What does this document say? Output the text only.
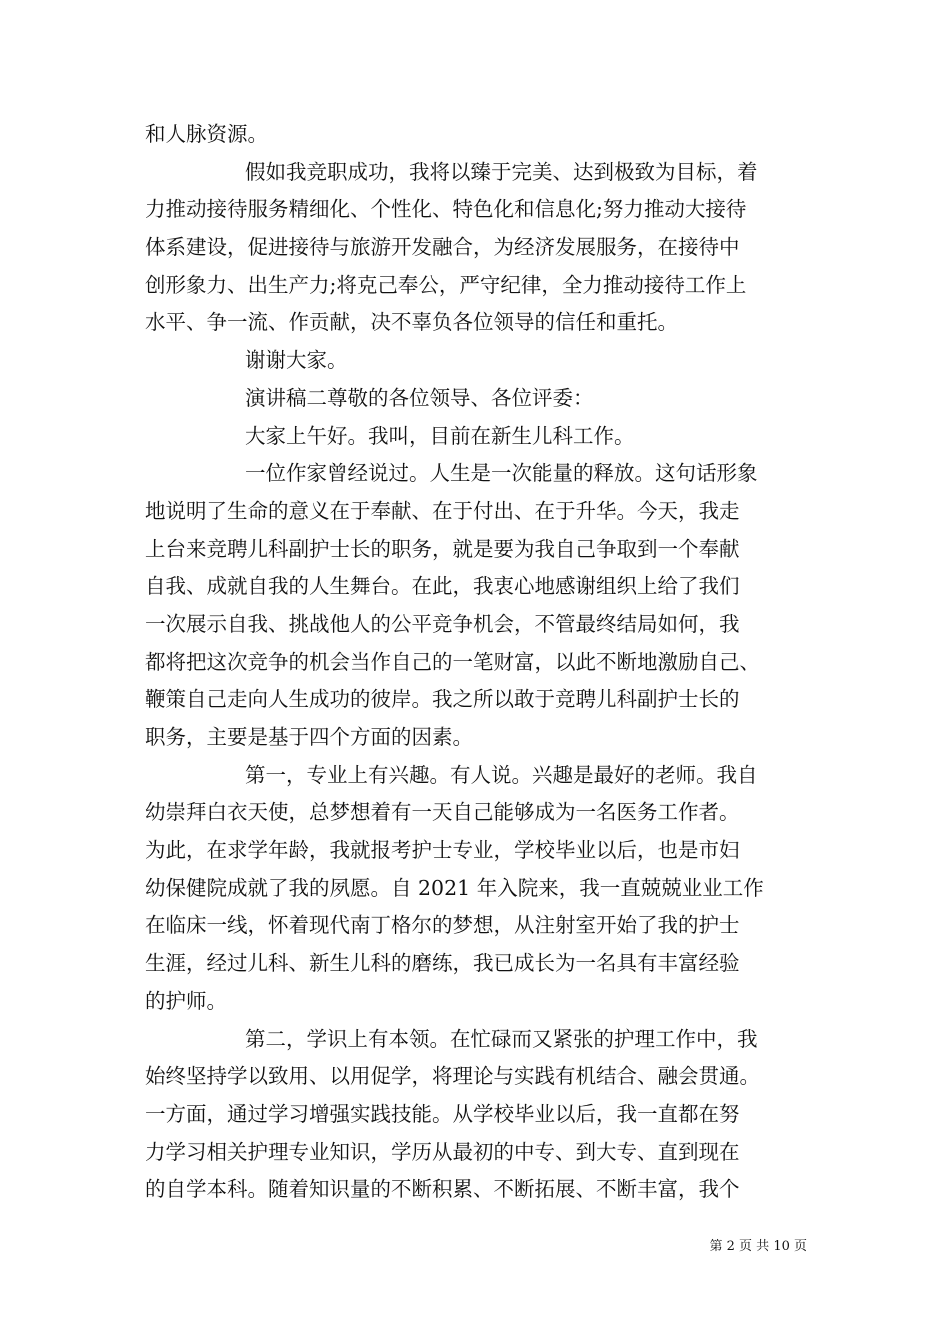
和人脉资源。
假如我竞职成功，我将以臻于完美、达到极致为目标，着
力推动接待服务精细化、个性化、特色化和信息化;努力推动大接待
体系建设，促进接待与旅游开发融合，为经济发展服务，在接待中
创形象力、出生产力;将克己奉公，严守纪律，全力推动接待工作上
水平、争一流、作贡献，决不辜负各位领导的信任和重托。
谢谢大家。
演讲稿二尊敬的各位领导、各位评委：
大家上午好。我叫，目前在新生儿科工作。
一位作家曾经说过。人生是一次能量的释放。这句话形象
地说明了生命的意义在于奉献、在于付出、在于升华。今天，我走
上台来竞聘儿科副护士长的职务，就是要为我自己争取到一个奉献
自我、成就自我的人生舞台。在此，我衷心地感谢组织上给了我们
一次展示自我、挑战他人的公平竞争机会，不管最终结局如何，我
都将把这次竞争的机会当作自己的一笔财富，以此不断地激励自己、
鞭策自己走向人生成功的彼岸。我之所以敢于竞聘儿科副护士长的
职务，主要是基于四个方面的因素。
第一，专业上有兴趣。有人说。兴趣是最好的老师。我自
幼崇拜白衣天使，总梦想着有一天自己能够成为一名医务工作者。
为此，在求学年龄，我就报考护士专业，学校毕业以后，也是市妇
幼保健院成就了我的夙愿。自 2021 年入院来，我一直兢兢业业工作
在临床一线，怀着现代南丁格尔的梦想，从注射室开始了我的护士
生涯，经过儿科、新生儿科的磨练，我已成长为一名具有丰富经验
的护师。
第二，学识上有本领。在忙碌而又紧张的护理工作中，我
始终坚持学以致用、以用促学，将理论与实践有机结合、融会贯通。
一方面，通过学习增强实践技能。从学校毕业以后，我一直都在努
力学习相关护理专业知识，学历从最初的中专、到大专、直到现在
的自学本科。随着知识量的不断积累、不断拓展、不断丰富，我个
第 2 页 共 10 页
